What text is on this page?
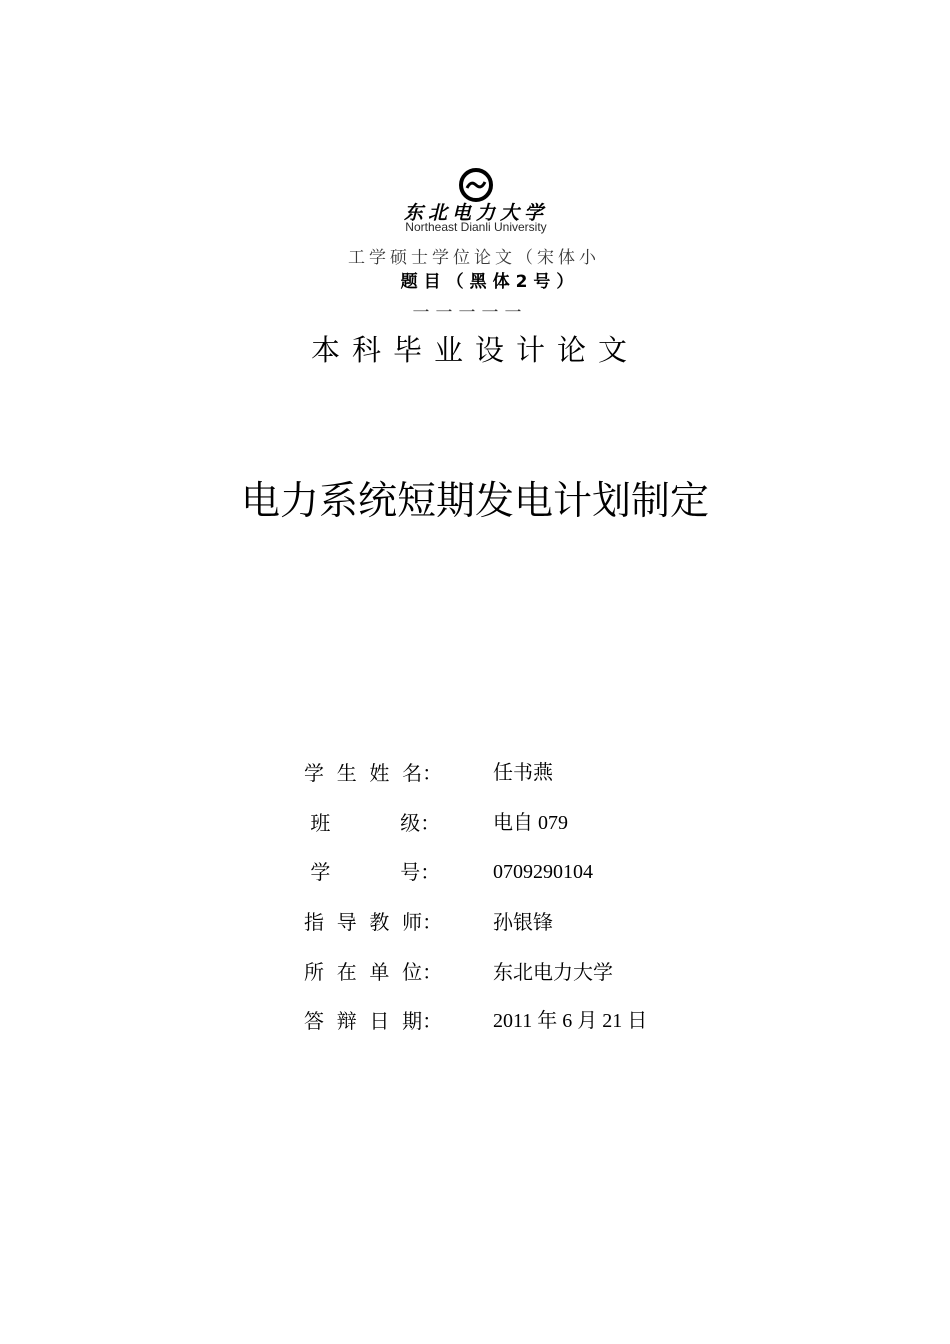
东北电力大学
Northeast Dianli University
工学硕士学位论文（宋体小
题目（黑体2号）
一一一一一
本科毕业设计论文
电力系统短期发电计划制定
学  生  姓  名：	任书燕
班           级：	电自 079
学           号：	0709290104
指  导  教  师：	孙银锋
所  在  单  位：	东北电力大学
答  辩  日  期：	2011 年 6 月 21 日
